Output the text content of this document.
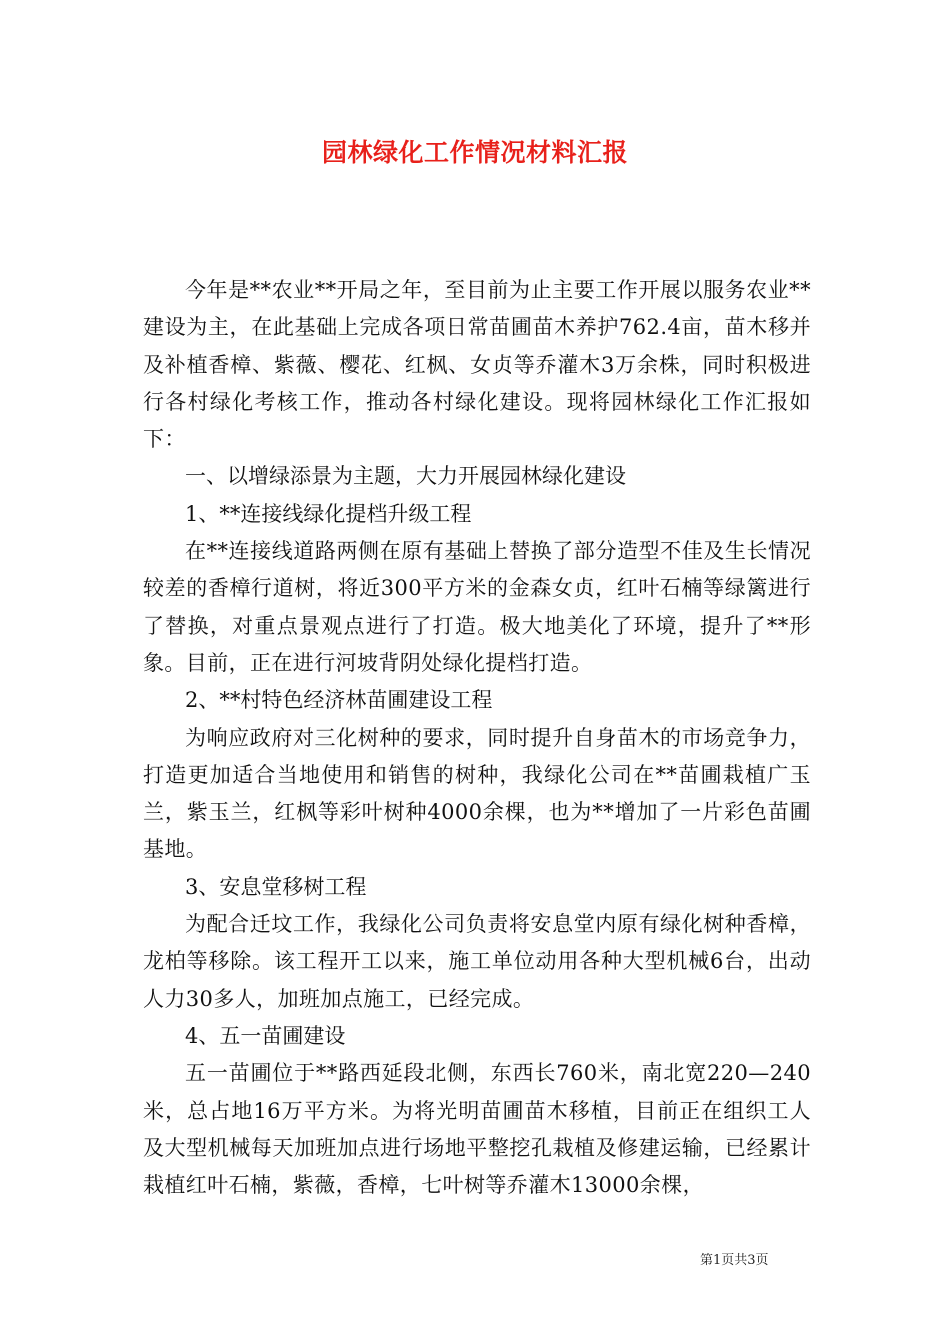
园林绿化工作情况材料汇报

今年是**农业**开局之年，至目前为止主要工作开展以服务农业**建设为主，在此基础上完成各项日常苗圃苗木养护762.4亩，苗木移并及补植香樟、紫薇、樱花、红枫、女贞等乔灌木3万余株，同时积极进行各村绿化考核工作，推动各村绿化建设。现将园林绿化工作汇报如下：

一、以增绿添景为主题，大力开展园林绿化建设

1、**连接线绿化提档升级工程

在**连接线道路两侧在原有基础上替换了部分造型不佳及生长情况较差的香樟行道树，将近300平方米的金森女贞，红叶石楠等绿篱进行了替换，对重点景观点进行了打造。极大地美化了环境，提升了**形象。目前，正在进行河坡背阴处绿化提档打造。

2、**村特色经济林苗圃建设工程

为响应政府对三化树种的要求，同时提升自身苗木的市场竞争力，打造更加适合当地使用和销售的树种，我绿化公司在**苗圃栽植广玉兰，紫玉兰，红枫等彩叶树种4000余棵，也为**增加了一片彩色苗圃基地。

3、安息堂移树工程

为配合迁坟工作，我绿化公司负责将安息堂内原有绿化树种香樟，龙柏等移除。该工程开工以来，施工单位动用各种大型机械6台，出动人力30多人，加班加点施工，已经完成。

4、五一苗圃建设

五一苗圃位于**路西延段北侧，东西长760米，南北宽220—240米，总占地16万平方米。为将光明苗圃苗木移植，目前正在组织工人及大型机械每天加班加点进行场地平整挖孔栽植及修建运输，已经累计栽植红叶石楠，紫薇，香樟，七叶树等乔灌木13000余棵，

第1页共3页
